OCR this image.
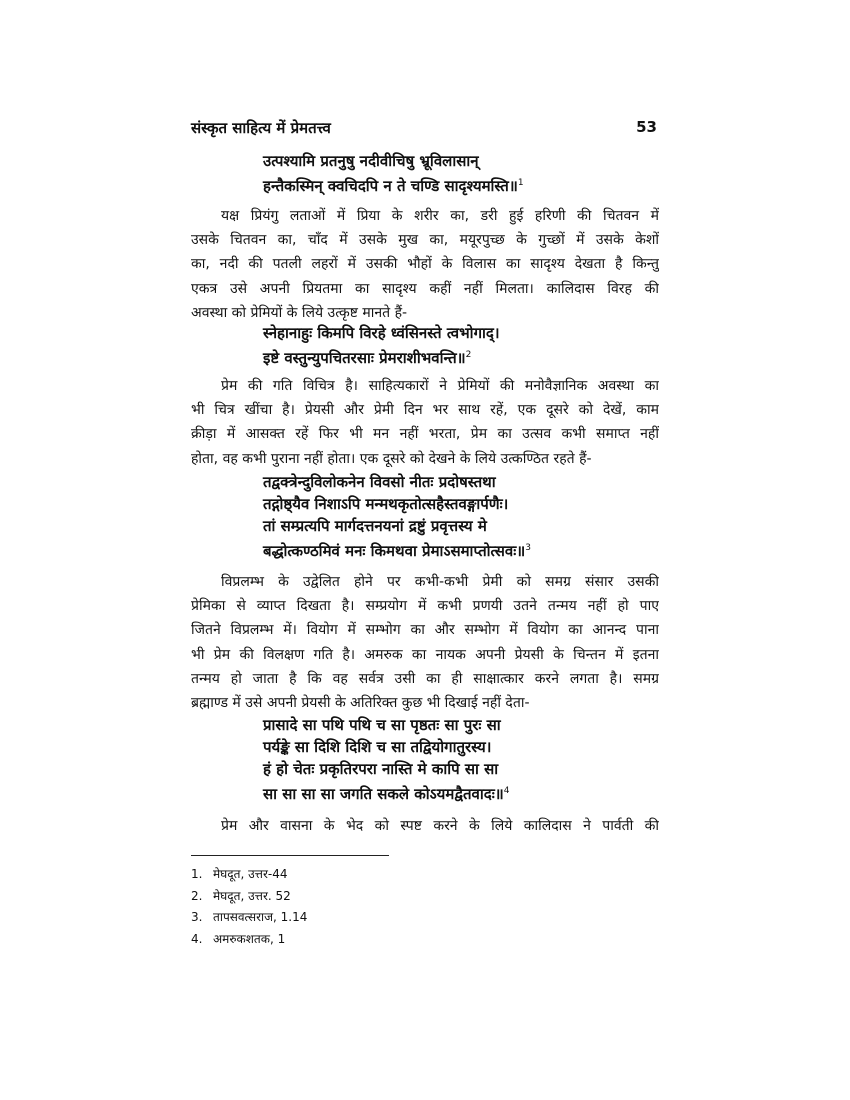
संस्कृत साहित्य में प्रेमतत्त्व	53
उत्पश्यामि प्रतनुषु नदीवीचिषु भ्रूविलासान्
हन्तैकस्मिन् क्वचिदपि न ते चण्डि सादृश्यमस्ति॥$^1$
यक्ष प्रियंगु लताओं में प्रिया के शरीर का, डरी हुई हरिणी की चितवन में
उसके चितवन का, चाँद में उसके मुख का, मयूरपुच्छ के गुच्छों में उसके केशों
का, नदी की पतली लहरों में उसकी भौहों के विलास का सादृश्य देखता है किन्तु
एकत्र उसे अपनी प्रियतमा का सादृश्य कहीं नहीं मिलता। कालिदास विरह की
अवस्था को प्रेमियों के लिये उत्कृष्ट मानते हैं-
स्नेहानाहुः किमपि विरहे ध्वंसिनस्ते त्वभोगाद्।
इष्टे वस्तुन्युपचितरसाः प्रेमराशीभवन्ति॥$^2$
प्रेम की गति विचित्र है। साहित्यकारों ने प्रेमियों की मनोवैज्ञानिक अवस्था का
भी चित्र खींचा है। प्रेयसी और प्रेमी दिन भर साथ रहें, एक दूसरे को देखें, काम
क्रीड़ा में आसक्त रहें फिर भी मन नहीं भरता, प्रेम का उत्सव कभी समाप्त नहीं
होता, वह कभी पुराना नहीं होता। एक दूसरे को देखने के लिये उत्कण्ठित रहते हैं-
तद्वक्त्रेन्दुविलोकनेन विवसो नीतः प्रदोषस्तथा
तद्गोष्ठ्यैव निशाऽपि मन्मथकृतोत्सहैस्तवङ्गार्पणैः।
तां सम्प्रत्यपि मार्गदत्तनयनां द्रष्टुं प्रवृत्तस्य मे
बद्धोत्कण्ठमिवं मनः किमथवा प्रेमाऽसमाप्तोत्सवः॥$^3$
विप्रलम्भ के उद्वेलित होने पर कभी-कभी प्रेमी को समग्र संसार उसकी
प्रेमिका से व्याप्त दिखता है। सम्प्रयोग में कभी प्रणयी उतने तन्मय नहीं हो पाए
जितने विप्रलम्भ में। वियोग में सम्भोग का और सम्भोग में वियोग का आनन्द पाना
भी प्रेम की विलक्षण गति है। अमरुक का नायक अपनी प्रेयसी के चिन्तन में इतना
तन्मय हो जाता है कि वह सर्वत्र उसी का ही साक्षात्कार करने लगता है। समग्र
ब्रह्माण्ड में उसे अपनी प्रेयसी के अतिरिक्त कुछ भी दिखाई नहीं देता-
प्रासादे सा पथि पथि च सा पृष्ठतः सा पुरः सा
पर्यङ्के सा दिशि दिशि च सा तद्वियोगातुरस्य।
हं हो चेतः प्रकृतिरपरा नास्ति मे कापि सा सा
सा सा सा सा जगति सकले कोऽयमद्वैतवादः॥$^4$
प्रेम और वासना के भेद को स्पष्ट करने के लिये कालिदास ने पार्वती की
1. मेघदूत, उत्तर-44
2. मेघदूत, उत्तर. 52
3. तापसवत्सराज, 1.14
4. अमरुकशतक, 1
